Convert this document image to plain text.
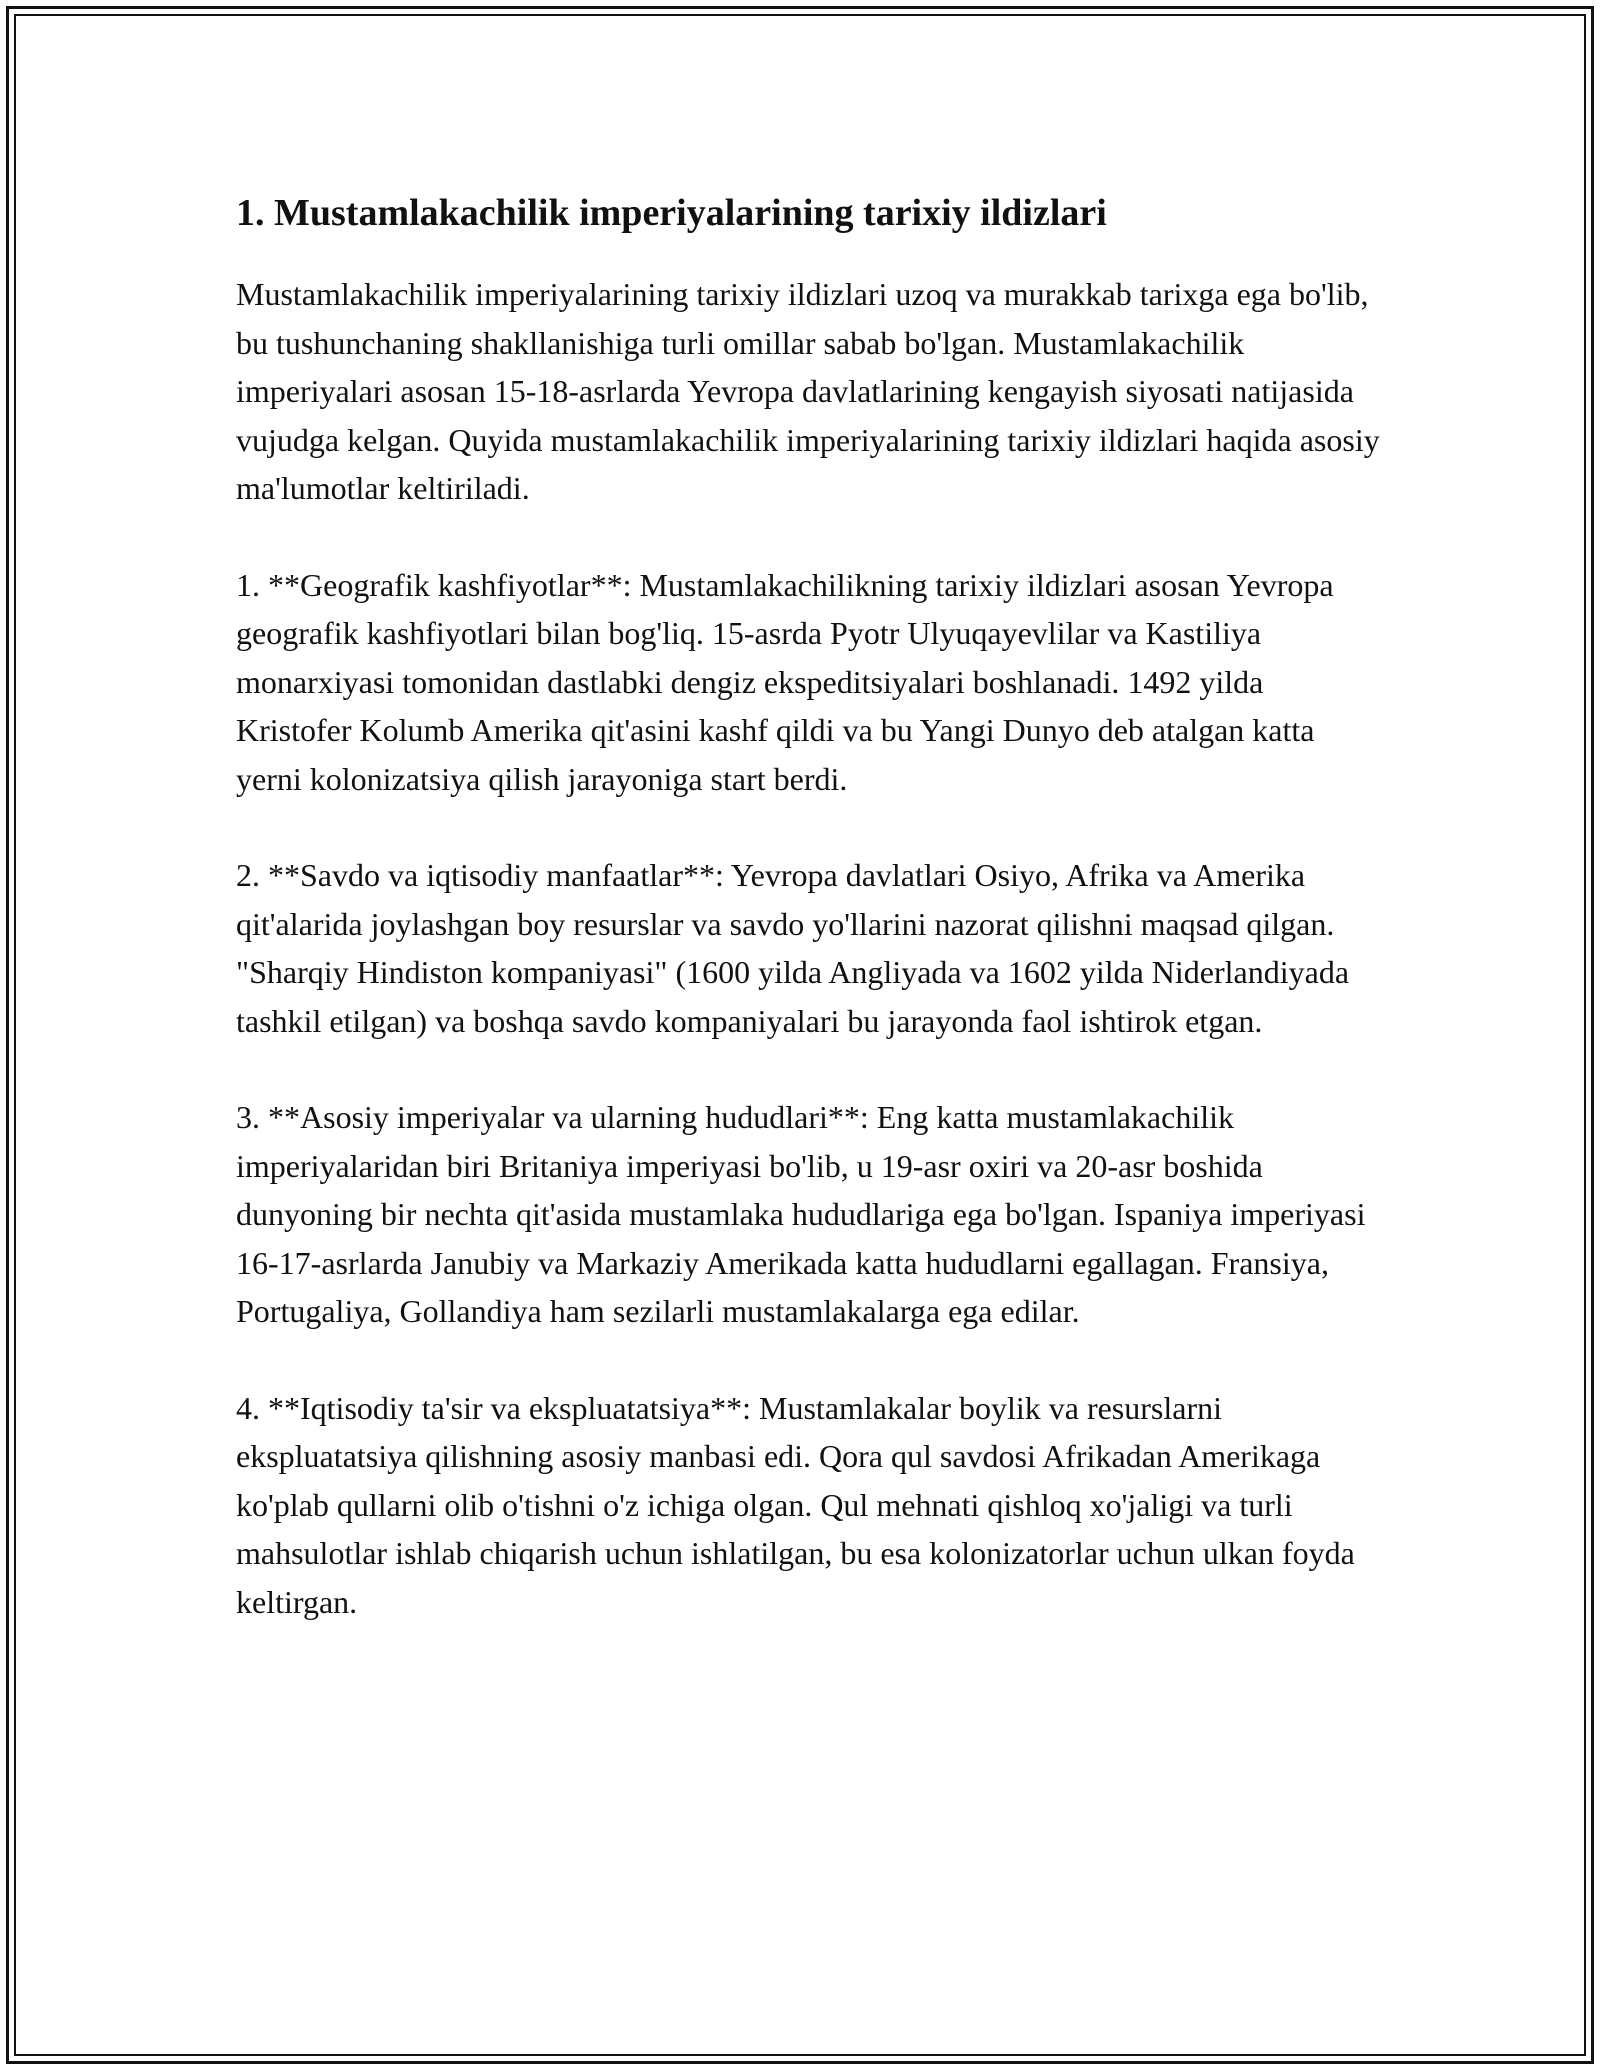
1. Mustamlakachilik imperiyalarining tarixiy ildizlari

Mustamlakachilik imperiyalarining tarixiy ildizlari uzoq va murakkab tarixga ega bo'lib, bu tushunchaning shakllanishiga turli omillar sabab bo'lgan. Mustamlakachilik imperiyalari asosan 15-18-asrlarda Yevropa davlatlarining kengayish siyosati natijasida vujudga kelgan. Quyida mustamlakachilik imperiyalarining tarixiy ildizlari haqida asosiy ma'lumotlar keltiriladi.

1. **Geografik kashfiyotlar**: Mustamlakachilikning tarixiy ildizlari asosan Yevropa geografik kashfiyotlari bilan bog'liq. 15-asrda Pyotr Ulyuqayevlilar va Kastiliya monarxiyasi tomonidan dastlabki dengiz ekspeditsiyalari boshlanadi. 1492 yilda Kristofer Kolumb Amerika qit'asini kashf qildi va bu Yangi Dunyo deb atalgan katta yerni kolonizatsiya qilish jarayoniga start berdi.

2. **Savdo va iqtisodiy manfaatlar**: Yevropa davlatlari Osiyo, Afrika va Amerika qit'alarida joylashgan boy resurslar va savdo yo'llarini nazorat qilishni maqsad qilgan. "Sharqiy Hindiston kompaniyasi" (1600 yilda Angliyada va 1602 yilda Niderlandiyada tashkil etilgan) va boshqa savdo kompaniyalari bu jarayonda faol ishtirok etgan.

3. **Asosiy imperiyalar va ularning hududlari**: Eng katta mustamlakachilik imperiyalaridan biri Britaniya imperiyasi bo'lib, u 19-asr oxiri va 20-asr boshida dunyoning bir nechta qit'asida mustamlaka hududlariga ega bo'lgan. Ispaniya imperiyasi 16-17-asrlarda Janubiy va Markaziy Amerikada katta hududlarni egallagan. Fransiya, Portugaliya, Gollandiya ham sezilarli mustamlakalarga ega edilar.

4. **Iqtisodiy ta'sir va ekspluatatsiya**: Mustamlakalar boylik va resurslarni ekspluatatsiya qilishning asosiy manbasi edi. Qora qul savdosi Afrikadan Amerikaga ko'plab qullarni olib o'tishni o'z ichiga olgan. Qul mehnati qishloq xo'jaligi va turli mahsulotlar ishlab chiqarish uchun ishlatilgan, bu esa kolonizatorlar uchun ulkan foyda keltirgan.
